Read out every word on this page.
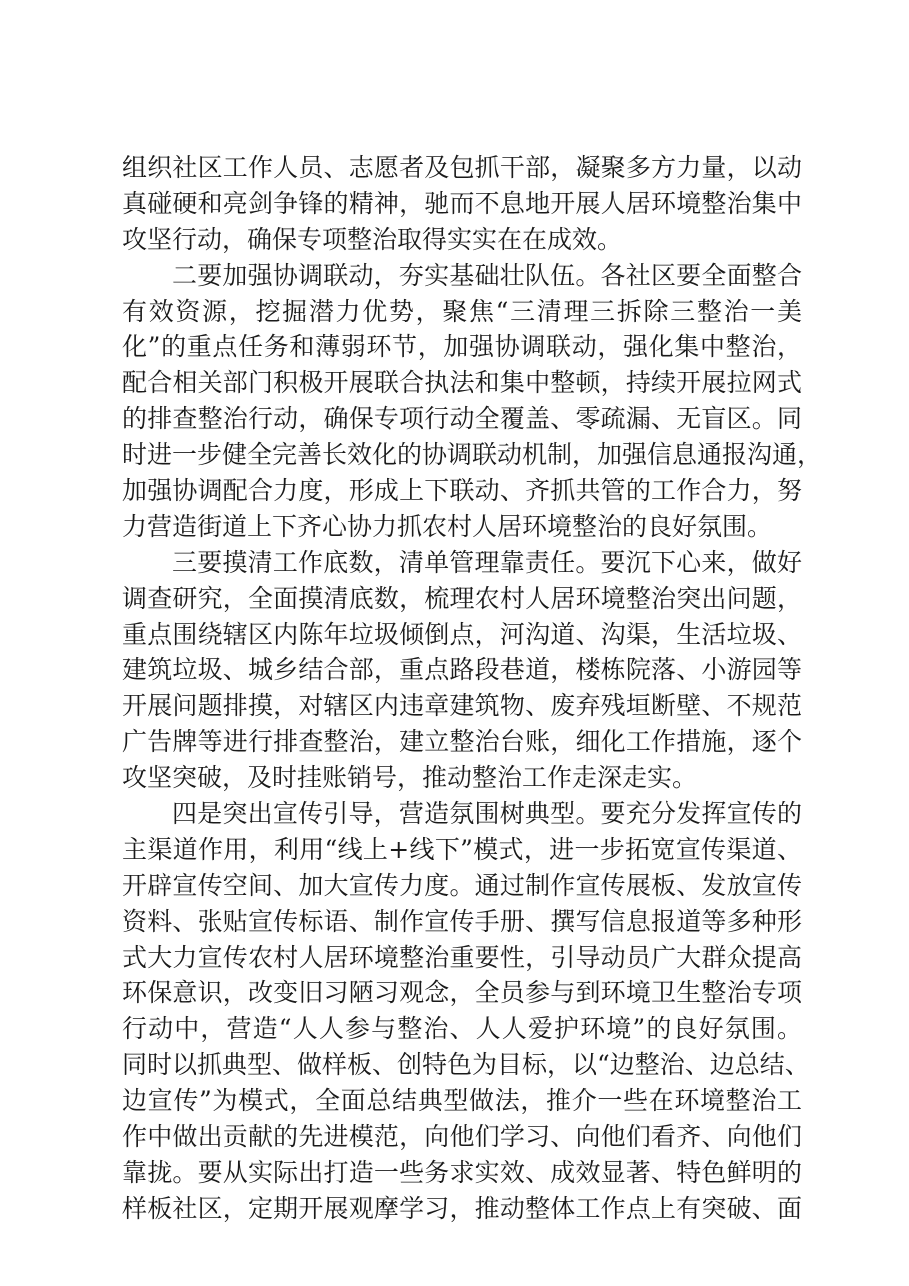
组织社区工作人员、志愿者及包抓干部，凝聚多方力量，以动
真碰硬和亮剑争锋的精神，驰而不息地开展人居环境整治集中
攻坚行动，确保专项整治取得实实在在成效。
二要加强协调联动，夯实基础壮队伍。各社区要全面整合
有效资源，挖掘潜力优势，聚焦“三清理三拆除三整治一美
化”的重点任务和薄弱环节，加强协调联动，强化集中整治，
配合相关部门积极开展联合执法和集中整顿，持续开展拉网式
的排查整治行动，确保专项行动全覆盖、零疏漏、无盲区。同
时进一步健全完善长效化的协调联动机制，加强信息通报沟通，
加强协调配合力度，形成上下联动、齐抓共管的工作合力，努
力营造街道上下齐心协力抓农村人居环境整治的良好氛围。
三要摸清工作底数，清单管理靠责任。要沉下心来，做好
调查研究，全面摸清底数，梳理农村人居环境整治突出问题，
重点围绕辖区内陈年垃圾倾倒点，河沟道、沟渠，生活垃圾、
建筑垃圾、城乡结合部，重点路段巷道，楼栋院落、小游园等
开展问题排摸，对辖区内违章建筑物、废弃残垣断壁、不规范
广告牌等进行排查整治，建立整治台账，细化工作措施，逐个
攻坚突破，及时挂账销号，推动整治工作走深走实。
四是突出宣传引导，营造氛围树典型。要充分发挥宣传的
主渠道作用，利用“线上+线下”模式，进一步拓宽宣传渠道、
开辟宣传空间、加大宣传力度。通过制作宣传展板、发放宣传
资料、张贴宣传标语、制作宣传手册、撰写信息报道等多种形
式大力宣传农村人居环境整治重要性，引导动员广大群众提高
环保意识，改变旧习陋习观念，全员参与到环境卫生整治专项
行动中，营造“人人参与整治、人人爱护环境”的良好氛围。
同时以抓典型、做样板、创特色为目标，以“边整治、边总结、
边宣传”为模式，全面总结典型做法，推介一些在环境整治工
作中做出贡献的先进模范，向他们学习、向他们看齐、向他们
靠拢。要从实际出打造一些务求实效、成效显著、特色鲜明的
样板社区，定期开展观摩学习，推动整体工作点上有突破、面
